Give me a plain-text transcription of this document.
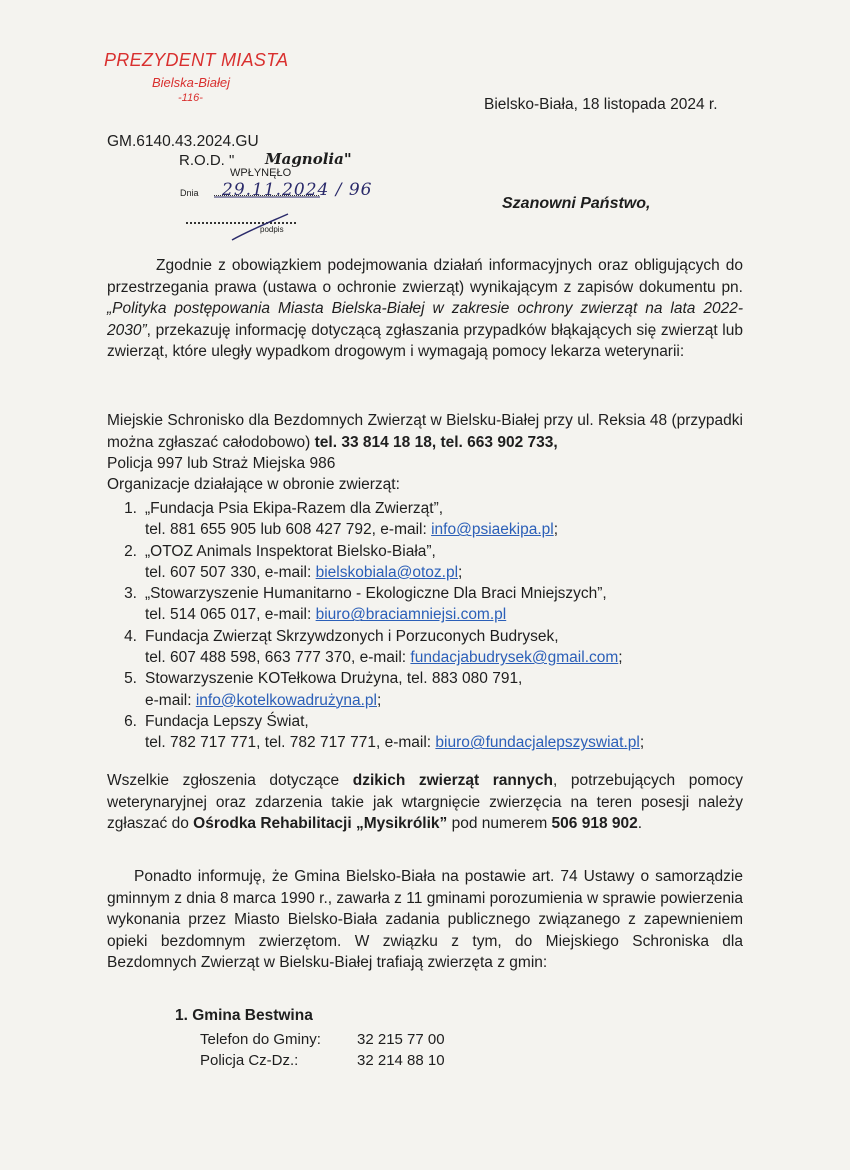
PREZYDENT MIASTA
Bielska-Białej
-116-	Bielsko-Biała, 18 listopada 2024 r.
GM.6140.43.2024.GU
R.O.D. " Magnolia"
WPŁYNĘŁO
Dnia 29.11.2024 / 96
podpis
Szanowni Państwo,
Zgodnie z obowiązkiem podejmowania działań informacyjnych oraz obligujących do przestrzegania prawa (ustawa o ochronie zwierząt) wynikającym z zapisów dokumentu pn. „Polityka postępowania Miasta Bielska-Białej w zakresie ochrony zwierząt na lata 2022-2030”, przekazuję informację dotyczącą zgłaszania przypadków błąkających się zwierząt lub zwierząt, które uległy wypadkom drogowym i wymagają pomocy lekarza weterynarii:
Miejskie Schronisko dla Bezdomnych Zwierząt w Bielsku-Białej przy ul. Reksia 48 (przypadki można zgłaszać całodobowo) tel. 33 814 18 18, tel. 663 902 733,
Policja 997 lub Straż Miejska 986
Organizacje działające w obronie zwierząt:
1. „Fundacja Psia Ekipa-Razem dla Zwierząt”,
tel. 881 655 905 lub 608 427 792, e-mail: info@psiaekipa.pl;
2. „OTOZ Animals Inspektorat Bielsko-Biała”,
tel. 607 507 330, e-mail: bielskobiala@otoz.pl;
3. „Stowarzyszenie Humanitarno - Ekologiczne Dla Braci Mniejszych”,
tel. 514 065 017, e-mail: biuro@braciamniejsi.com.pl
4. Fundacja Zwierząt Skrzywdzonych i Porzuconych Budrysek,
tel. 607 488 598, 663 777 370, e-mail: fundacjabudrysek@gmail.com;
5. Stowarzyszenie KOTełkowa Drużyna, tel. 883 080 791,
e-mail: info@kotelkowadrużyna.pl;
6. Fundacja Lepszy Świat,
tel. 782 717 771, tel. 782 717 771, e-mail: biuro@fundacjalepszyswiat.pl;
Wszelkie zgłoszenia dotyczące dzikich zwierząt rannych, potrzebujących pomocy weterynaryjnej oraz zdarzenia takie jak wtargnięcie zwierzęcia na teren posesji należy zgłaszać do Ośrodka Rehabilitacji „Mysikrólik” pod numerem 506 918 902.
Ponadto informuję, że Gmina Bielsko-Biała na postawie art. 74 Ustawy o samorządzie gminnym z dnia 8 marca 1990 r., zawarła z 11 gminami porozumienia w sprawie powierzenia wykonania przez Miasto Bielsko-Biała zadania publicznego związanego z zapewnieniem opieki bezdomnym zwierzętom. W związku z tym, do Miejskiego Schroniska dla Bezdomnych Zwierząt w Bielsku-Białej trafiają zwierzęta z gmin:
1. Gmina Bestwina
Telefon do Gminy: 32 215 77 00
Policja Cz-Dz.:	32 214 88 10
